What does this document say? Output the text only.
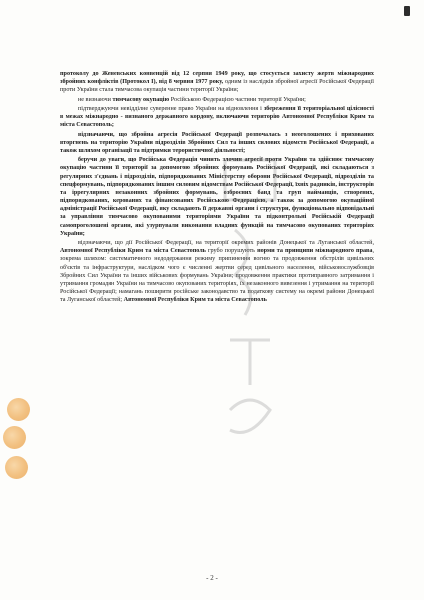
протоколу до Женевських конвенцій від 12 серпня 1949 року, що стосується захисту жертв міжнародних збройних конфліктів (Протокол І), від 8 червня 1977 року, одним із наслідків збройної агресії Російської Федерації проти України стала тимчасова окупація частини території України;

не визнаючи тимчасову окупацію Російською Федерацією частини території України;

підтверджуючи невідділне суверенне право України на відновлення і збереження її територіальної цілісності в межах міжнародно - визнаного державного кордону, включаючи територію Автономної Республіки Крим та міста Севастополь;

відзначаючи, що збройна агресія Російської Федерації розпочалась з неоголошених і прихованих вторгнень на територію України підрозділів Збройних Сил та інших силових відомств Російської Федерації, а також шляхом організації та підтримки терористичної діяльності;

беручи до уваги, що Російська Федерація чинить злочин агресії проти України та здійснює тимчасову окупацію частини її території за допомогою збройних формувань Російської Федерації, які складаються з регулярних з'єднань і підрозділів, підпорядкованих Міністерству оборони Російської Федерації, підрозділів та спецформувань, підпорядкованих іншим силовим відомствам Російської Федерації, їхніх радників, інструкторів та іррегулярних незаконних збройних формувань, озброєних банд та груп найманців, створених, підпорядкованих, керованих та фінансованих Російською Федерацією, а також за допомогою окупаційної адміністрації Російської Федерації, яку складають її державні органи і структури, функціонально відповідальні за управління тимчасово окупованими територіями України та підконтрольні Російській Федерації самопроголошені органи, які узурпували виконання владних функцій на тимчасово окупованих територіях України;

відзначаючи, що дії Російської Федерації, на території окремих районів Донецької та Луганської областей, Автономної Республіки Крим та міста Севастополь грубо порушують норми та принципи міжнародного права, зокрема шляхом: систематичного недодержання режиму припинення вогню та продовження обстрілів цивільних об'єктів та інфраструктури, наслідком чого є численні жертви серед цивільного населення, військовослужбовців Збройних Сил України та інших військових формувань України; продовження практики протиправного затримання і утримання громадян України на тимчасово окупованих територіях, їх незаконного вивезення і утримання на території Російської Федерації; намагань поширити російське законодавство та податкову систему на окремі райони Донецької та Луганської областей; Автономної Республіки Крим та міста Севастополь

- 2 -
